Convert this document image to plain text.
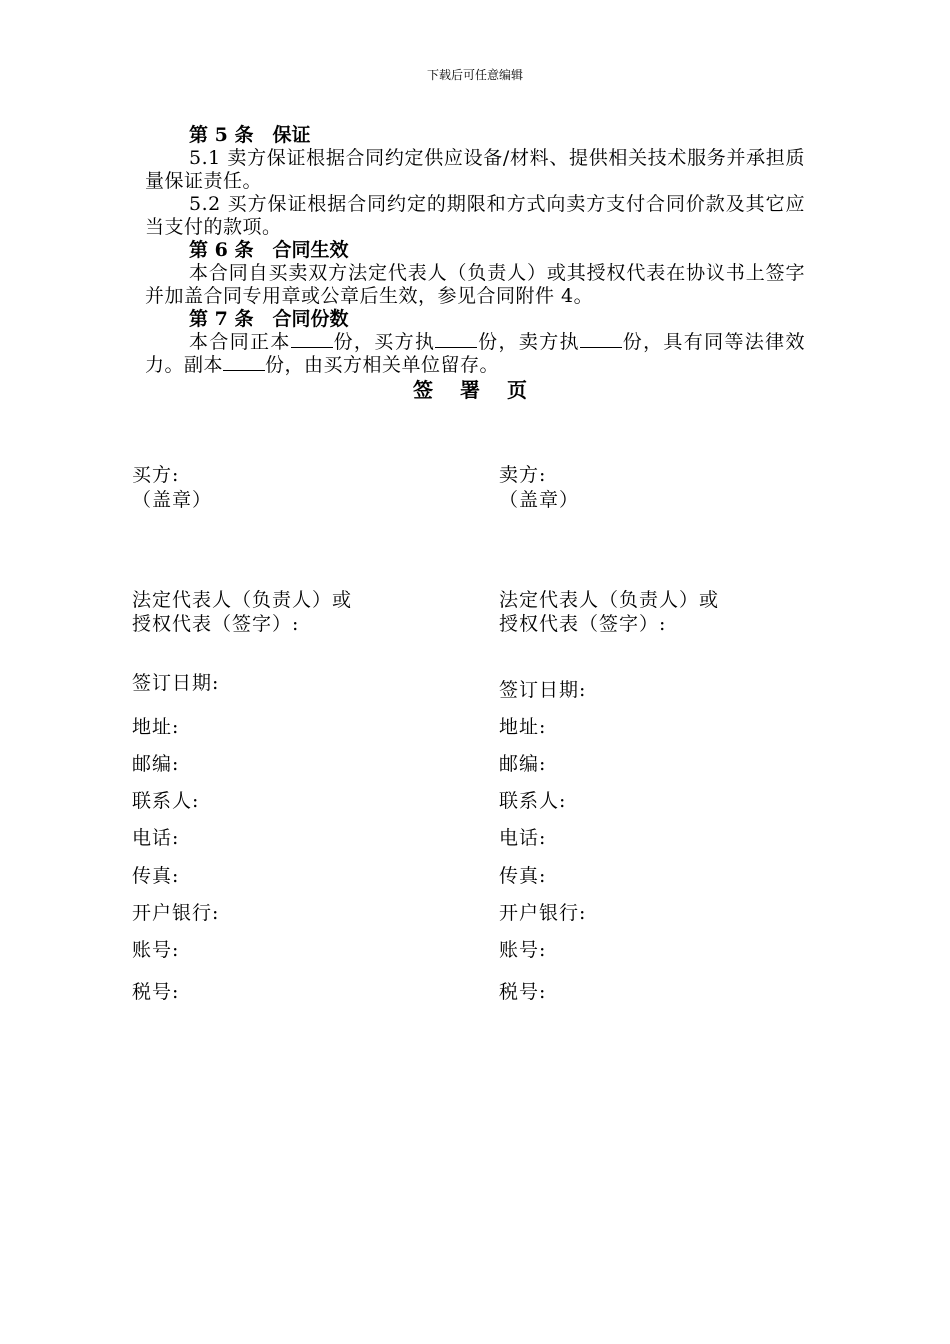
下载后可任意编辑
第 5 条　保证
5.1 卖方保证根据合同约定供应设备/材料、提供相关技术服务并承担质量保证责任。
5.2 买方保证根据合同约定的期限和方式向卖方支付合同价款及其它应当支付的款项。
第 6 条　合同生效
本合同自买卖双方法定代表人（负责人）或其授权代表在协议书上签字并加盖合同专用章或公章后生效，参见合同附件 4。
第 7 条　合同份数
本合同正本 份，买方执 份，卖方执 份，具有同等法律效力。副本 份，由买方相关单位留存。
签 署 页
买方:
（盖章）
法定代表人（负责人）或
授权代表（签字）:
签订日期:
地址:
邮编:
联系人:
电话:
传真:
开户银行:
账号:
税号:
卖方:
（盖章）
法定代表人（负责人）或
授权代表（签字）:
签订日期:
地址:
邮编:
联系人:
电话:
传真:
开户银行:
账号:
税号:
